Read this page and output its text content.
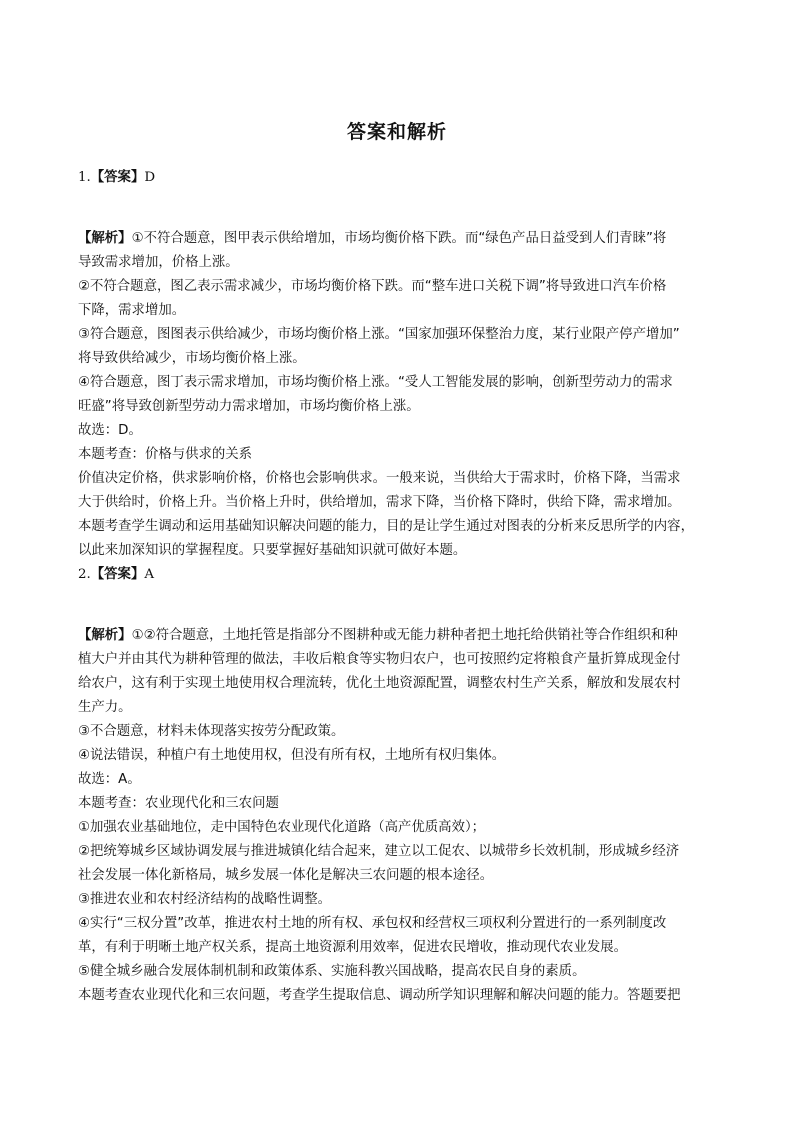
答案和解析
1.【答案】D
【解析】①不符合题意，图甲表示供给增加，市场均衡价格下跌。而“绿色产品日益受到人们青睐”将
导致需求增加，价格上涨。
②不符合题意，图乙表示需求减少，市场均衡价格下跌。而“整车进口关税下调”将导致进口汽车价格
下降，需求增加。
③符合题意，图图表示供给减少，市场均衡价格上涨。“国家加强环保整治力度，某行业限产停产增加”
将导致供给减少，市场均衡价格上涨。
④符合题意，图丁表示需求增加，市场均衡价格上涨。“受人工智能发展的影响，创新型劳动力的需求
旺盛”将导致创新型劳动力需求增加，市场均衡价格上涨。
故选：D。
本题考查：价格与供求的关系
价值决定价格，供求影响价格，价格也会影响供求。一般来说，当供给大于需求时，价格下降，当需求
大于供给时，价格上升。当价格上升时，供给增加，需求下降，当价格下降时，供给下降，需求增加。
本题考查学生调动和运用基础知识解决问题的能力，目的是让学生通过对图表的分析来反思所学的内容，
以此来加深知识的掌握程度。只要掌握好基础知识就可做好本题。
2.【答案】A
【解析】①②符合题意，土地托管是指部分不图耕种或无能力耕种者把土地托给供销社等合作组织和种
植大户并由其代为耕种管理的做法，丰收后粮食等实物归农户，也可按照约定将粮食产量折算成现金付
给农户，这有利于实现土地使用权合理流转，优化土地资源配置，调整农村生产关系，解放和发展农村
生产力。
③不合题意，材料未体现落实按劳分配政策。
④说法错误，种植户有土地使用权，但没有所有权，土地所有权归集体。
故选：A。
本题考查：农业现代化和三农问题
①加强农业基础地位，走中国特色农业现代化道路（高产优质高效）；
②把统筹城乡区域协调发展与推进城镇化结合起来，建立以工促农、以城带乡长效机制，形成城乡经济
社会发展一体化新格局，城乡发展一体化是解决三农问题的根本途径。
③推进农业和农村经济结构的战略性调整。
④实行“三权分置”改革，推进农村土地的所有权、承包权和经营权三项权利分置进行的一系列制度改
革，有利于明晰土地产权关系，提高土地资源利用效率，促进农民增收，推动现代农业发展。
⑤健全城乡融合发展体制机制和政策体系、实施科教兴国战略，提高农民自身的素质。
本题考查农业现代化和三农问题，考查学生提取信息、调动所学知识理解和解决问题的能力。答题要把
